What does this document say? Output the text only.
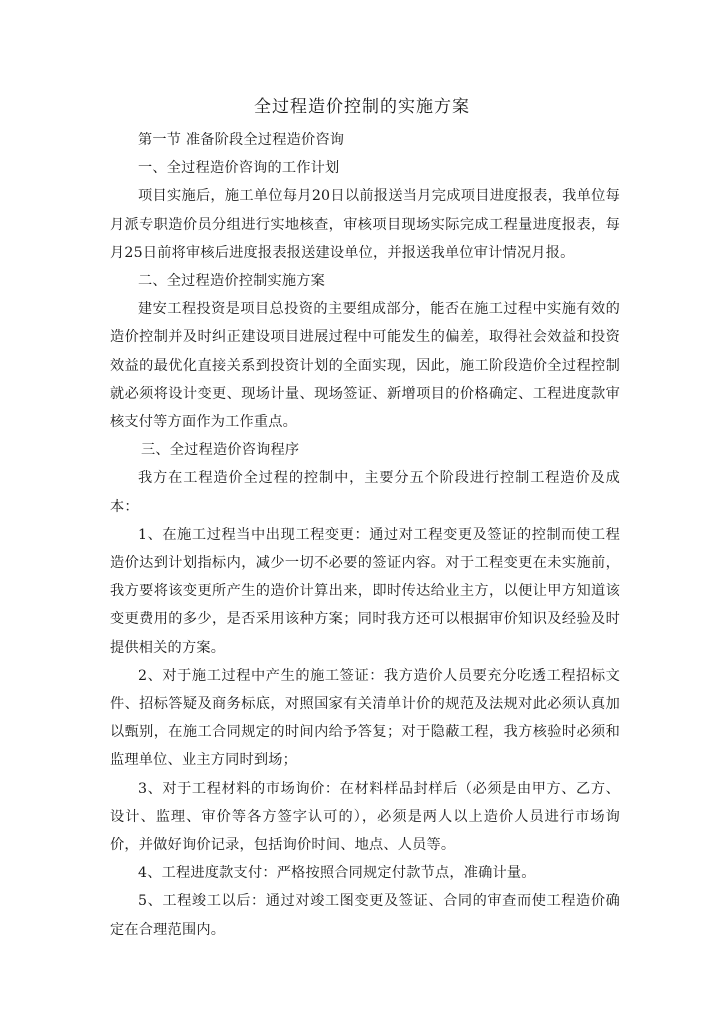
全过程造价控制的实施方案

第一节 准备阶段全过程造价咨询

一、全过程造价咨询的工作计划

项目实施后，施工单位每月20日以前报送当月完成项目进度报表，我单位每月派专职造价员分组进行实地核查，审核项目现场实际完成工程量进度报表，每月25日前将审核后进度报表报送建设单位，并报送我单位审计情况月报。

二、全过程造价控制实施方案

建安工程投资是项目总投资的主要组成部分，能否在施工过程中实施有效的造价控制并及时纠正建设项目进展过程中可能发生的偏差，取得社会效益和投资效益的最优化直接关系到投资计划的全面实现，因此，施工阶段造价全过程控制就必须将设计变更、现场计量、现场签证、新增项目的价格确定、工程进度款审核支付等方面作为工作重点。

三、全过程造价咨询程序

我方在工程造价全过程的控制中，主要分五个阶段进行控制工程造价及成本：

1、在施工过程当中出现工程变更：通过对工程变更及签证的控制而使工程造价达到计划指标内，减少一切不必要的签证内容。对于工程变更在未实施前，我方要将该变更所产生的造价计算出来，即时传达给业主方，以便让甲方知道该变更费用的多少，是否采用该种方案；同时我方还可以根据审价知识及经验及时提供相关的方案。

2、对于施工过程中产生的施工签证：我方造价人员要充分吃透工程招标文件、招标答疑及商务标底，对照国家有关清单计价的规范及法规对此必须认真加以甄别，在施工合同规定的时间内给予答复；对于隐蔽工程，我方核验时必须和监理单位、业主方同时到场；

3、对于工程材料的市场询价：在材料样品封样后（必须是由甲方、乙方、设计、监理、审价等各方签字认可的），必须是两人以上造价人员进行市场询价，并做好询价记录，包括询价时间、地点、人员等。

4、工程进度款支付：严格按照合同规定付款节点，准确计量。

5、工程竣工以后：通过对竣工图变更及签证、合同的审查而使工程造价确定在合理范围内。
